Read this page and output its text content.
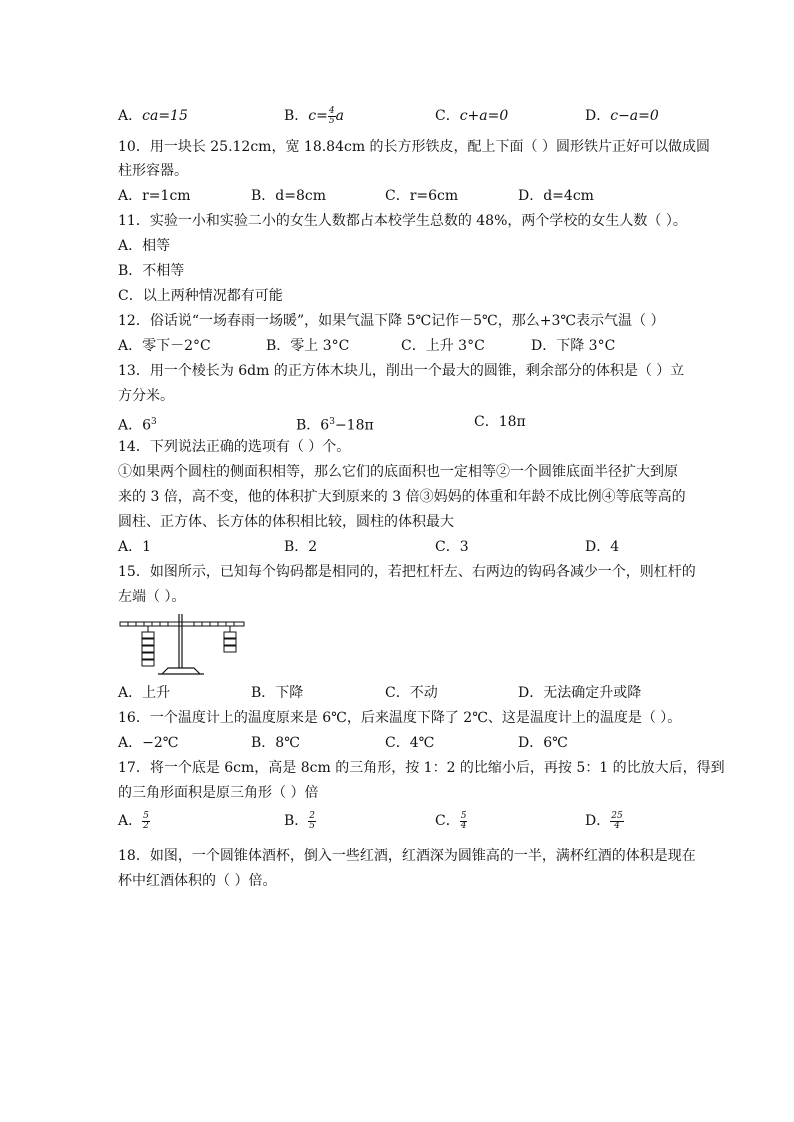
A．ca=15	B．$c= \frac{4}{5}$ a	C．c+a=0	D．c−a=0
10．用一块长 25.12cm，宽 18.84cm 的长方形铁皮，配上下面（ ）圆形铁片正好可以做成圆
柱形容器。
A．r=1cm	B．d=8cm	C．r=6cm	D．d=4cm
11．实验一小和实验二小的女生人数都占本校学生总数的 48%，两个学校的女生人数（ ）。
A．相等
B．不相等
C．以上两种情况都有可能
12．俗话说“一场春雨一场暖”，如果气温下降 5℃记作－5℃，那么+3℃表示气温（ ）
A．零下－2°C	B．零上 3°C	C．上升 3°C	D．下降 3°C
13．用一个棱长为 6dm 的正方体木块儿，削出一个最大的圆锥，剩余部分的体积是（ ）立
方分米。
A．$6^3$	B．$6^3-18\pi$	C．18π
14．下列说法正确的选项有（ ）个。
①如果两个圆柱的侧面积相等，那么它们的底面积也一定相等②一个圆锥底面半径扩大到原
来的 3 倍，高不变，他的体积扩大到原来的 3 倍③妈妈的体重和年龄不成比例④等底等高的
圆柱、正方体、长方体的体积相比较，圆柱的体积最大
A．1	B．2	C．3	D．4
15．如图所示，已知每个钩码都是相同的，若把杠杆左、右两边的钩码各减少一个，则杠杆的
左端（ ）。
A．上升	B．下降	C．不动	D．无法确定升或降
16．一个温度计上的温度原来是 6℃，后来温度下降了 2℃、这是温度计上的温度是（ ）。
A．−2℃	B．8℃	C．4℃	D．6℃
17．将一个底是 6cm，高是 8cm 的三角形，按 1：2 的比缩小后，再按 5：1 的比放大后，得到
的三角形面积是原三角形（ ）倍
A． $\frac{5}{2}$	B． $\frac{2}{5}$	C． $\frac{5}{4}$	D． $\frac{25}{4}$
18．如图，一个圆锥体酒杯，倒入一些红酒，红酒深为圆锥高的一半，满杯红酒的体积是现在
杯中红酒体积的（ ）倍。
